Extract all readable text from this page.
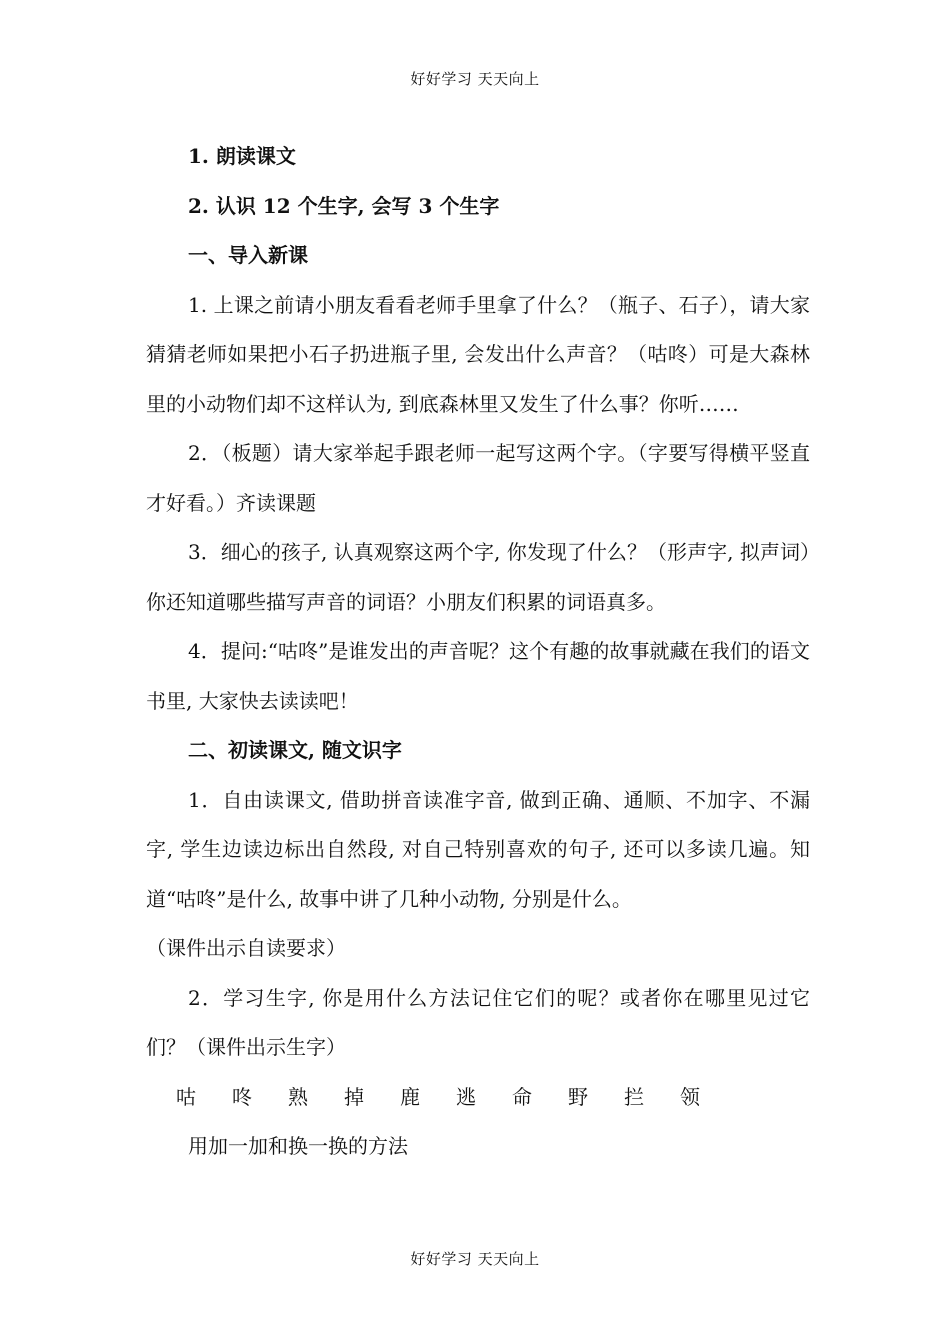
好好学习 天天向上

1. 朗读课文

2. 认识 12 个生字, 会写 3 个生字

一、导入新课

1. 上课之前请小朋友看看老师手里拿了什么？（瓶子、石子），请大家猜猜老师如果把小石子扔进瓶子里, 会发出什么声音？（咕咚）可是大森林里的小动物们却不这样认为, 到底森林里又发生了什么事？你听……

2．（板题）请大家举起手跟老师一起写这两个字。（字要写得横平竖直才好看。）齐读课题

3．细心的孩子, 认真观察这两个字, 你发现了什么？（形声字, 拟声词）你还知道哪些描写声音的词语？小朋友们积累的词语真多。

4．提问:“咕咚”是谁发出的声音呢？这个有趣的故事就藏在我们的语文书里, 大家快去读读吧！

二、初读课文, 随文识字

1．自由读课文, 借助拼音读准字音, 做到正确、通顺、不加字、不漏字, 学生边读边标出自然段, 对自己特别喜欢的句子, 还可以多读几遍。知道“咕咚”是什么, 故事中讲了几种小动物, 分别是什么。

（课件出示自读要求）

2．学习生字, 你是用什么方法记住它们的呢？或者你在哪里见过它们？（课件出示生字）

咕 咚 熟 掉 鹿 逃 命 野 拦 领

用加一加和换一换的方法

好好学习 天天向上
